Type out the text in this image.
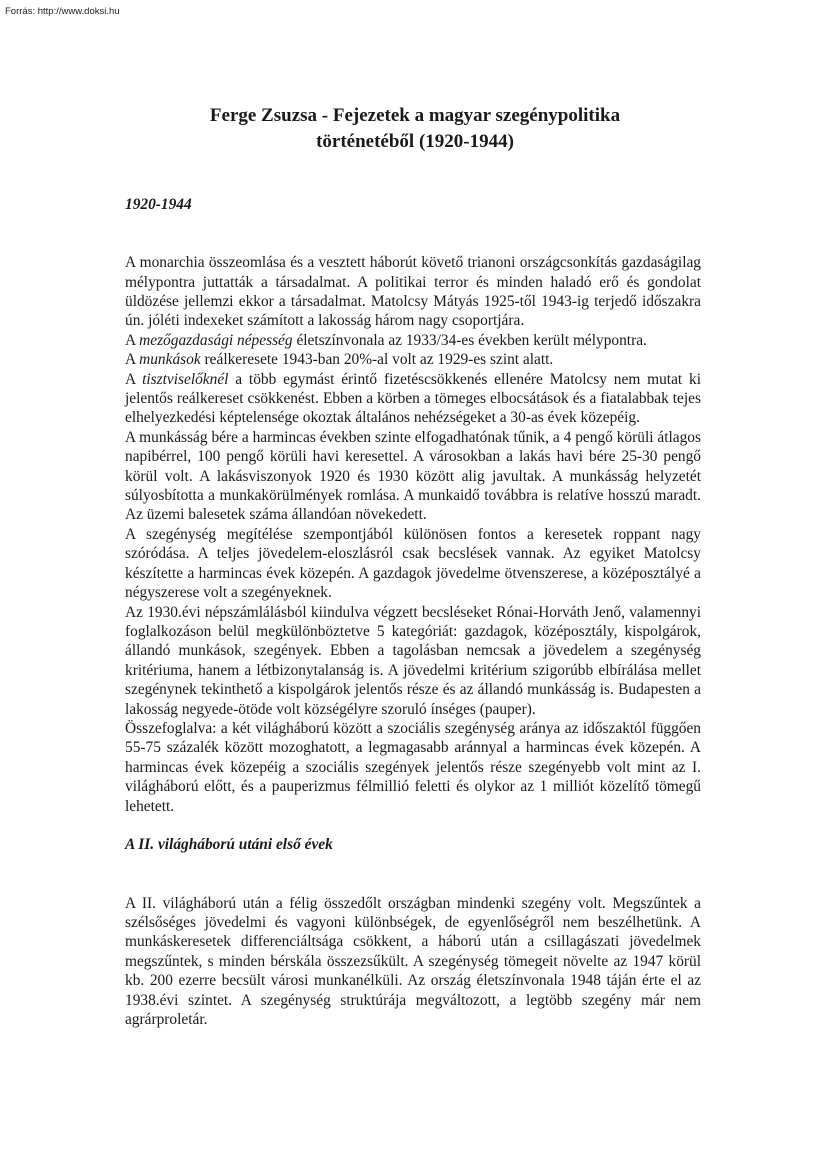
Forrás: http://www.doksi.hu
Ferge Zsuzsa - Fejezetek a magyar szegénypolitika
történetéből (1920-1944)
1920-1944

A monarchia összeomlása és a vesztett háborút követő trianoni országcsonkítás gazdaságilag mélypontra juttatták a társadalmat. A politikai terror és minden haladó erő és gondolat üldözése jellemzi ekkor a társadalmat. Matolcsy Mátyás 1925-től 1943-ig terjedő időszakra ún. jóléti indexeket számított a lakosság három nagy csoportjára.

A mezőgazdasági népesség életszínvonala az 1933/34-es években került mélypontra.

A munkások reálkeresete 1943-ban 20%-al volt az 1929-es szint alatt.

A tisztviselőknél a több egymást érintő fizetéscsökkenés ellenére Matolcsy nem mutat ki jelentős reálkereset csökkenést. Ebben a körben a tömeges elbocsátások és a fiatalabbak tejes elhelyezkedési képtelensége okoztak általános nehézségeket a 30-as évek közepéig.

A munkásság bére a harmincas években szinte elfogadhatónak tűnik, a 4 pengő körüli átlagos napibérrel, 100 pengő körüli havi keresettel. A városokban a lakás havi bére 25-30 pengő körül volt. A lakásviszonyok 1920 és 1930 között alig javultak. A munkásság helyzetét súlyosbította a munkakörülmények romlása. A munkaidő továbbra is relatíve hosszú maradt. Az üzemi balesetek száma állandóan növekedett.

A szegénység megítélése szempontjából különösen fontos a keresetek roppant nagy szóródása. A teljes jövedelem-eloszlásról csak becslések vannak. Az egyiket Matolcsy készítette a harmincas évek közepén. A gazdagok jövedelme ötvenszerese, a középosztályé a négyszerese volt a szegényeknek.

Az 1930.évi népszámlálásból kiindulva végzett becsléseket Rónai-Horváth Jenő, valamennyi foglalkozáson belül megkülönböztetve 5 kategóriát: gazdagok, középosztály, kispolgárok, állandó munkások, szegények. Ebben a tagolásban nemcsak a jövedelem a szegénység kritériuma, hanem a létbizonytalanság is. A jövedelmi kritérium szigorúbb elbírálása mellet szegénynek tekinthető a kispolgárok jelentős része és az állandó munkásság is. Budapesten a lakosság negyede-ötöde volt községélyre szoruló ínséges (pauper).

Összefoglalva: a két világháború között a szociális szegénység aránya az időszaktól függően 55-75 százalék között mozoghatott, a legmagasabb aránnyal a harmincas évek közepén. A harmincas évek közepéig a szociális szegények jelentős része szegényebb volt mint az I. világháború előtt, és a pauperizmus félmillió feletti és olykor az 1 milliót közelítő tömegű lehetett.

A II. világháború utáni első évek

A II. világháború után a félig összedőlt országban mindenki szegény volt. Megszűntek a szélsőséges jövedelmi és vagyoni különbségek, de egyenlőségről nem beszélhetünk. A munkáskeresetek differenciáltsága csökkent, a háború után a csillagászati jövedelmek megszűntek, s minden bérskála összezsűkült. A szegénység tömegeit növelte az 1947 körül kb. 200 ezerre becsült városi munkanélküli. Az ország életszínvonala 1948 táján érte el az 1938.évi szintet. A szegénység struktúrája megváltozott, a legtöbb szegény már nem agrárproletár.
